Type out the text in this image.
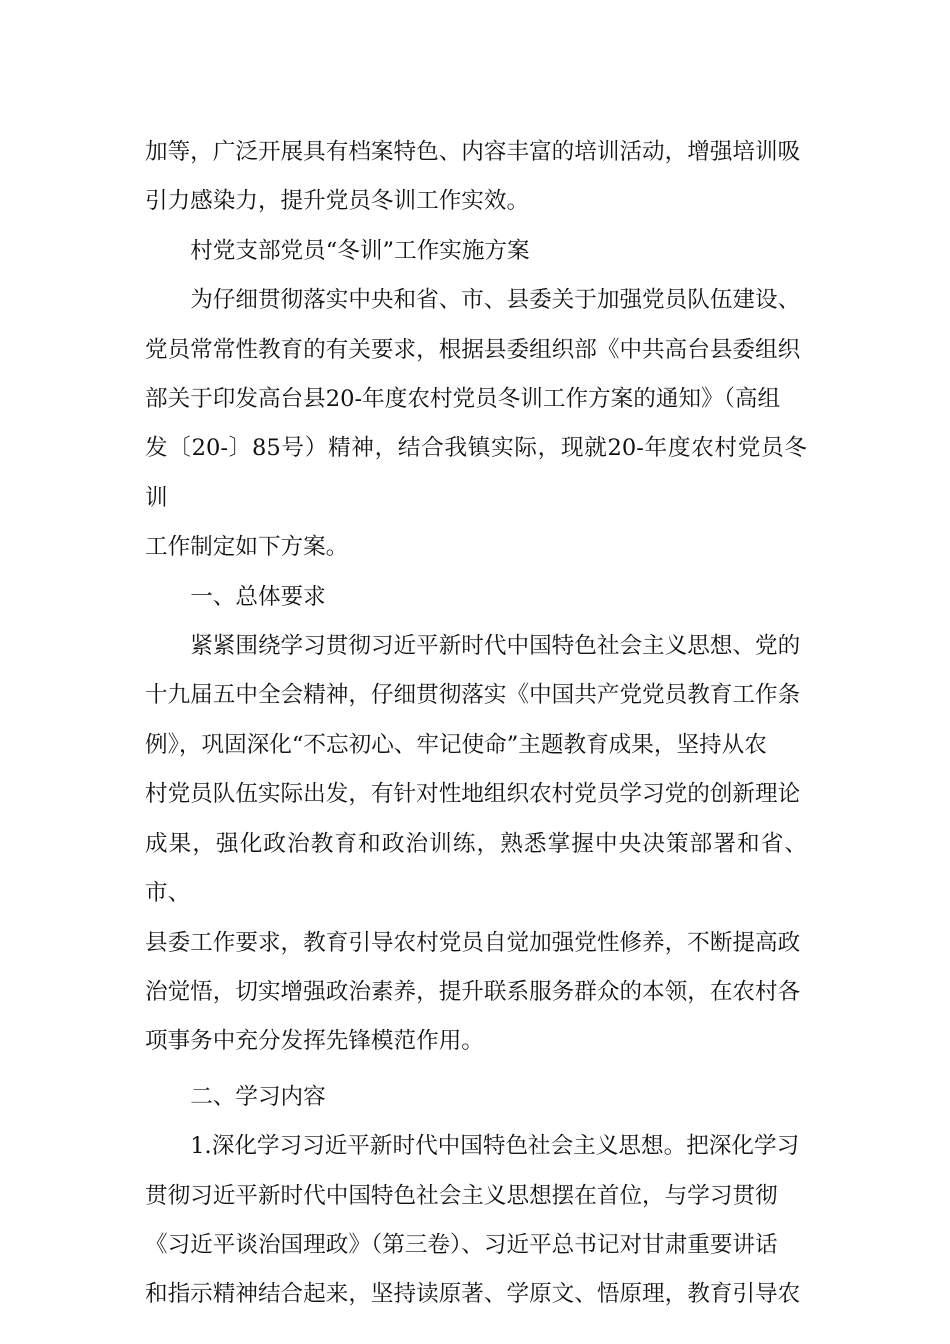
加等，广泛开展具有档案特色、内容丰富的培训活动，增强培训吸
引力感染力，提升党员冬训工作实效。

村党支部党员“冬训”工作实施方案

为仔细贯彻落实中央和省、市、县委关于加强党员队伍建设、
党员常常性教育的有关要求，根据县委组织部《中共高台县委组织
部关于印发高台县20-年度农村党员冬训工作方案的通知》（高组
发〔20-〕85号）精神，结合我镇实际，现就20-年度农村党员冬训
工作制定如下方案。

一、总体要求

紧紧围绕学习贯彻习近平新时代中国特色社会主义思想、党的
十九届五中全会精神，仔细贯彻落实《中国共产党党员教育工作条
例》，巩固深化“不忘初心、牢记使命”主题教育成果，坚持从农
村党员队伍实际出发，有针对性地组织农村党员学习党的创新理论
成果，强化政治教育和政治训练，熟悉掌握中央决策部署和省、市、
县委工作要求，教育引导农村党员自觉加强党性修养，不断提高政
治觉悟，切实增强政治素养，提升联系服务群众的本领，在农村各
项事务中充分发挥先锋模范作用。

二、学习内容

1.深化学习习近平新时代中国特色社会主义思想。把深化学习
贯彻习近平新时代中国特色社会主义思想摆在首位，与学习贯彻
《习近平谈治国理政》（第三卷）、习近平总书记对甘肃重要讲话
和指示精神结合起来，坚持读原著、学原文、悟原理，教育引导农
